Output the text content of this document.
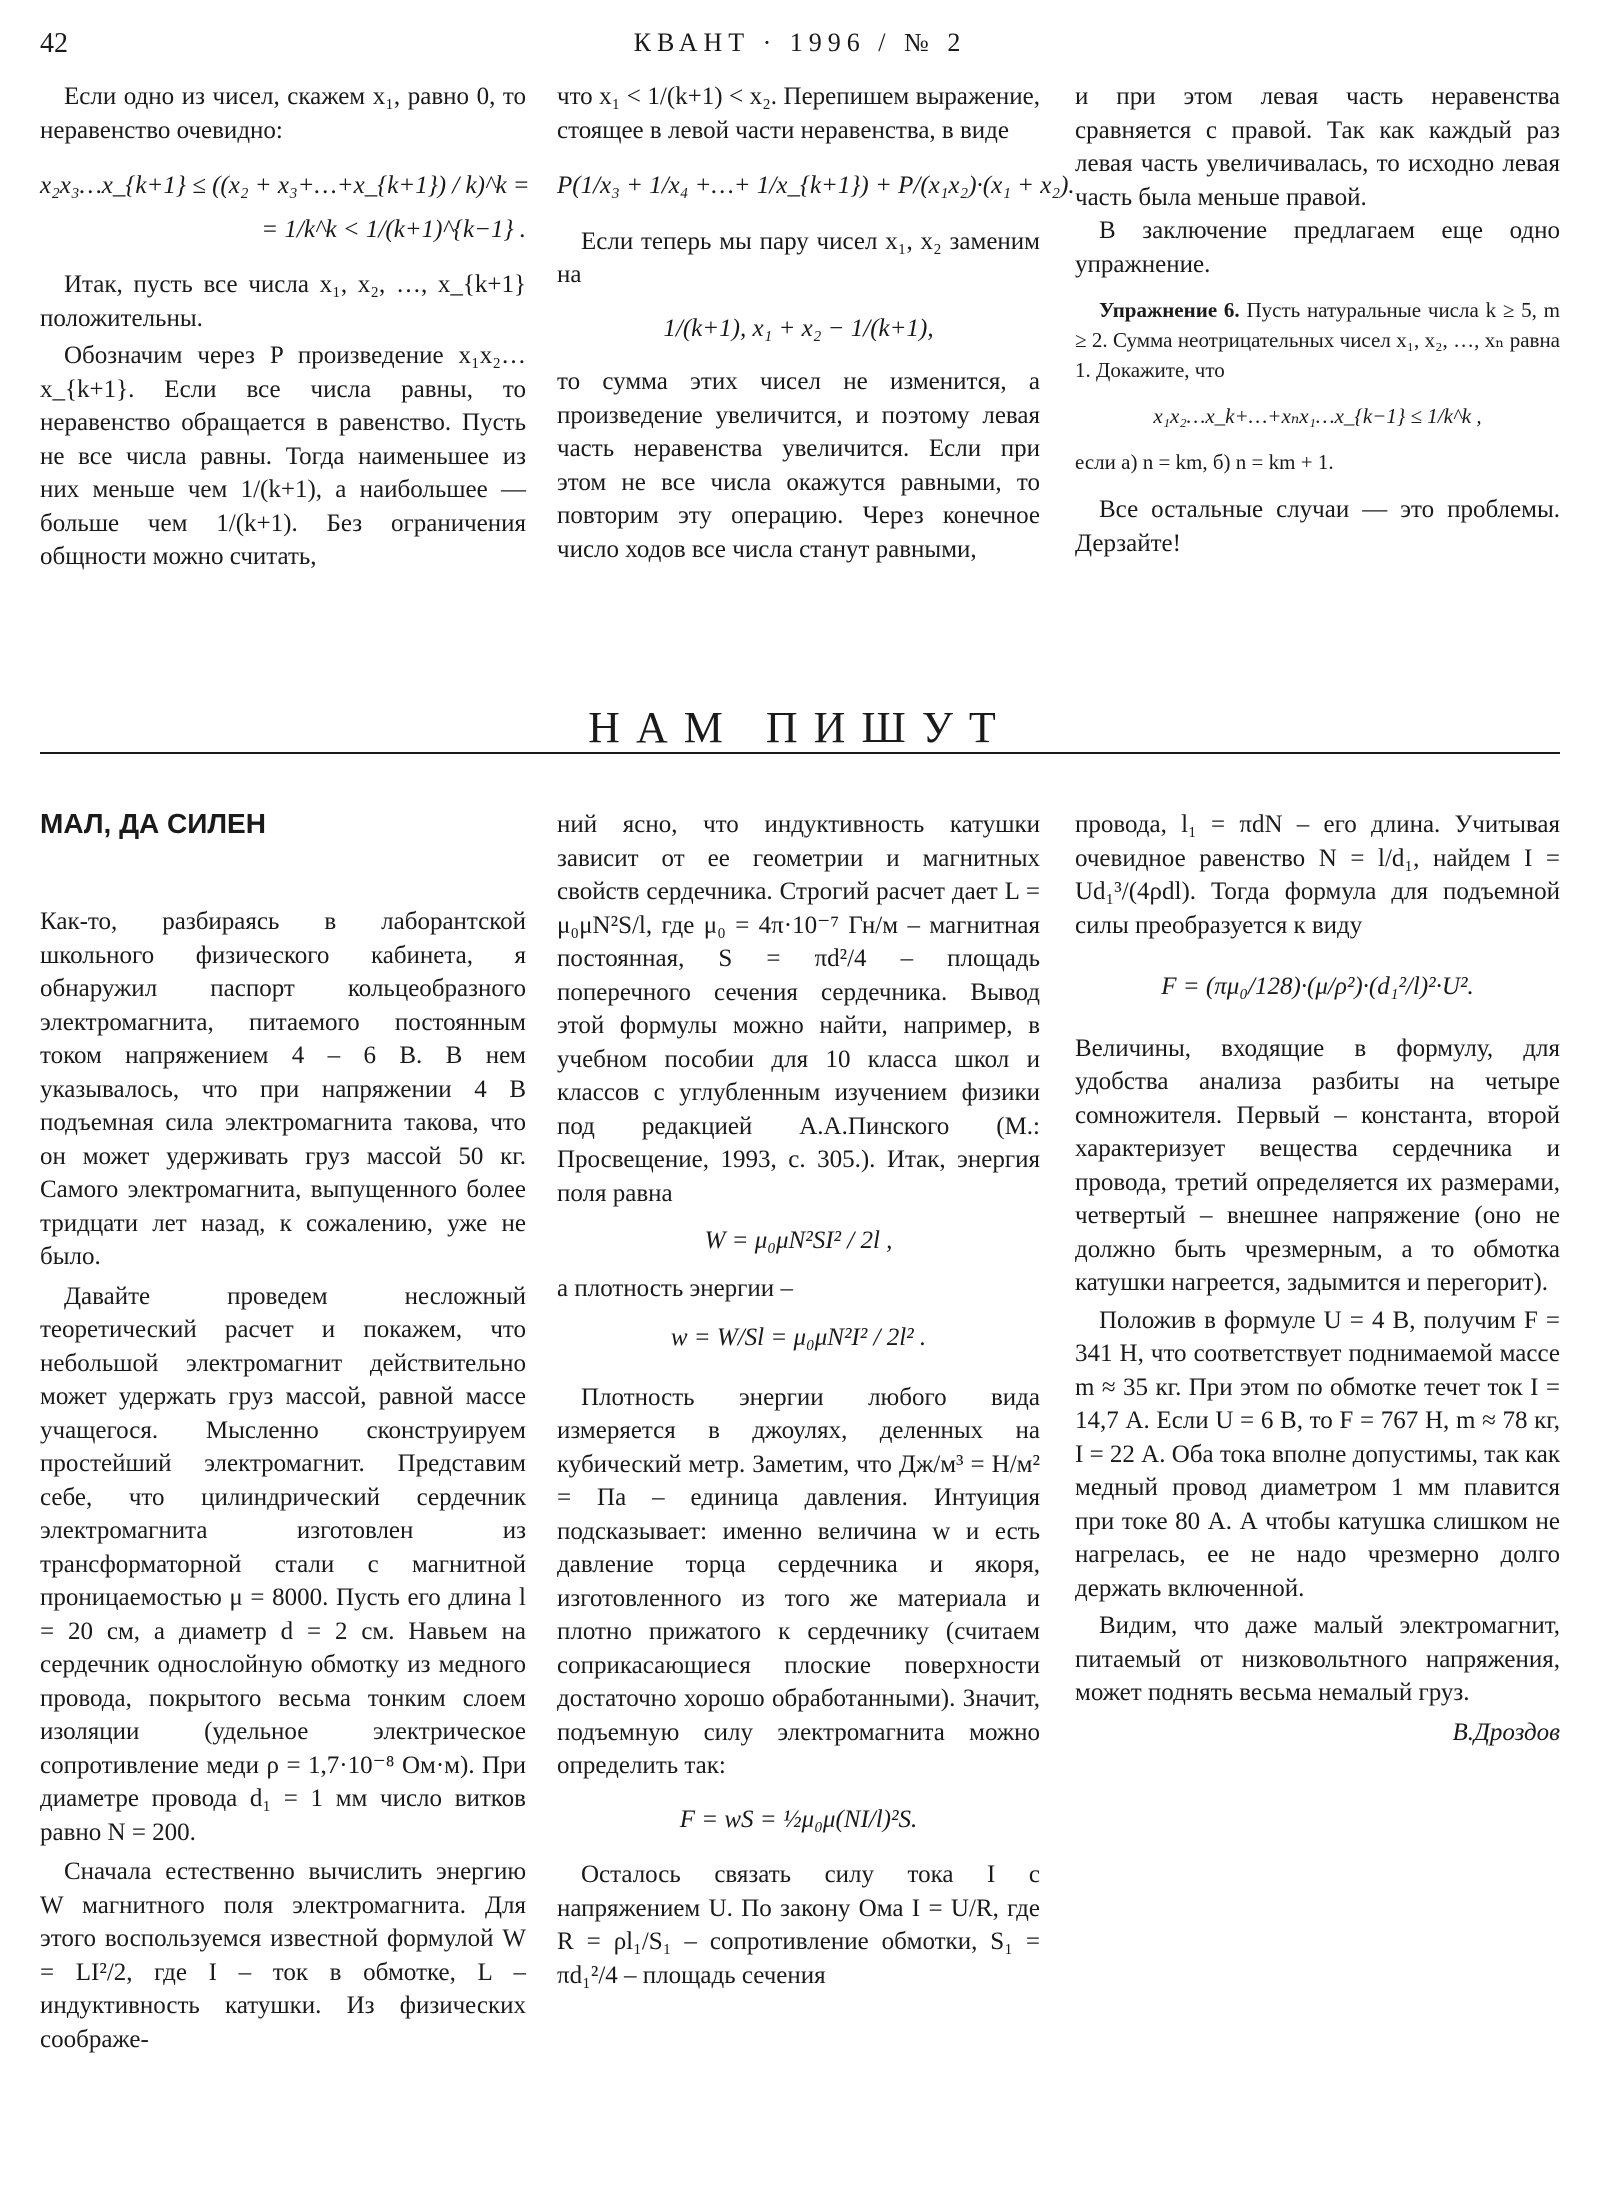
42	КВАНТ · 1996 / № 2

Если одно из чисел, скажем x₁, равно 0, то неравенство очевидно:

x₂x₃…x_{k+1} ≤ ((x₂ + x₃+…+x_{k+1}) / k)^k =
= 1/k^k < 1/(k+1)^{k−1} .

Итак, пусть все числа x₁, x₂, …, x_{k+1} положительны.

Обозначим через P произведение x₁x₂…x_{k+1}. Если все числа равны, то неравенство обращается в равенство. Пусть не все числа равны. Тогда наименьшее из них меньше чем 1/(k+1), а наибольшее — больше чем 1/(k+1). Без ограничения общности можно считать,

что x₁ < 1/(k+1) < x₂. Перепишем выражение, стоящее в левой части неравенства, в виде

P(1/x₃ + 1/x₄ +…+ 1/x_{k+1}) + P/(x₁x₂)·(x₁ + x₂).

Если теперь мы пару чисел x₁, x₂ заменим на

1/(k+1), x₁ + x₂ − 1/(k+1),

то сумма этих чисел не изменится, а произведение увеличится, и поэтому левая часть неравенства увеличится. Если при этом не все числа окажутся равными, то повторим эту операцию. Через конечное число ходов все числа станут равными,

и при этом левая часть неравенства сравняется с правой. Так как каждый раз левая часть увеличивалась, то исходно левая часть была меньше правой.

В заключение предлагаем еще одно упражнение.

Упражнение 6. Пусть натуральные числа k ≥ 5, m ≥ 2. Сумма неотрицательных чисел x₁, x₂, …, xₙ равна 1. Докажите, что
x₁x₂…x_k+…+xₙx₁…x_{k−1} ≤ 1/k^k ,
если а) n = km, б) n = km + 1.

Все остальные случаи — это проблемы. Дерзайте!

НАМ ПИШУТ
МАЛ, ДА СИЛЕН

Как-то, разбираясь в лаборантской школьного физического кабинета, я обнаружил паспорт кольцеобразного электромагнита, питаемого постоянным током напряжением 4 – 6 В. В нем указывалось, что при напряжении 4 В подъемная сила электромагнита такова, что он может удерживать груз массой 50 кг. Самого электромагнита, выпущенного более тридцати лет назад, к сожалению, уже не было.

Давайте проведем несложный теоретический расчет и покажем, что небольшой электромагнит действительно может удержать груз массой, равной массе учащегося. Мысленно сконструируем простейший электромагнит. Представим себе, что цилиндрический сердечник электромагнита изготовлен из трансформаторной стали с магнитной проницаемостью μ = 8000. Пусть его длина l = 20 см, а диаметр d = 2 см. Навьем на сердечник однослойную обмотку из медного провода, покрытого весьма тонким слоем изоляции (удельное электрическое сопротивление меди ρ = 1,7·10⁻⁸ Ом·м). При диаметре провода d₁ = 1 мм число витков равно N = 200.

Сначала естественно вычислить энергию W магнитного поля электромагнита. Для этого воспользуемся известной формулой W = LI²/2, где I – ток в обмотке, L – индуктивность катушки. Из физических соображе-

ний ясно, что индуктивность катушки зависит от ее геометрии и магнитных свойств сердечника. Строгий расчет дает L = μ₀μN²S/l, где μ₀ = 4π·10⁻⁷ Гн/м – магнитная постоянная, S = πd²/4 – площадь поперечного сечения сердечника. Вывод этой формулы можно найти, например, в учебном пособии для 10 класса школ и классов с углубленным изучением физики под редакцией А.А.Пинского (М.: Просвещение, 1993, с. 305.). Итак, энергия поля равна

W = μ₀μN²SI² / 2l ,

а плотность энергии –

w = W/Sl = μ₀μN²I² / 2l² .

Плотность энергии любого вида измеряется в джоулях, деленных на кубический метр. Заметим, что Дж/м³ = Н/м² = Па – единица давления. Интуиция подсказывает: именно величина w и есть давление торца сердечника и якоря, изготовленного из того же материала и плотно прижатого к сердечнику (считаем соприкасающиеся плоские поверхности достаточно хорошо обработанными). Значит, подъемную силу электромагнита можно определить так:

F = wS = ½μ₀μ(NI/l)²S.

Осталось связать силу тока I с напряжением U. По закону Ома I = U/R, где R = ρl₁/S₁ – сопротивление обмотки, S₁ = πd₁²/4 – площадь сечения

провода, l₁ = πdN – его длина. Учитывая очевидное равенство N = l/d₁, найдем I = Ud₁³/(4ρdl). Тогда формула для подъемной силы преобразуется к виду

F = (πμ₀/128)·(μ/ρ²)·(d₁²/l)²·U².

Величины, входящие в формулу, для удобства анализа разбиты на четыре сомножителя. Первый – константа, второй характеризует вещества сердечника и провода, третий определяется их размерами, четвертый – внешнее напряжение (оно не должно быть чрезмерным, а то обмотка катушки нагреется, задымится и перегорит).

Положив в формуле U = 4 В, получим F = 341 Н, что соответствует поднимаемой массе m ≈ 35 кг. При этом по обмотке течет ток I = 14,7 А. Если U = 6 В, то F = 767 Н, m ≈ 78 кг, I = 22 А. Оба тока вполне допустимы, так как медный провод диаметром 1 мм плавится при токе 80 А. А чтобы катушка слишком не нагрелась, ее не надо чрезмерно долго держать включенной.

Видим, что даже малый электромагнит, питаемый от низковольтного напряжения, может поднять весьма немалый груз.

В.Дроздов
